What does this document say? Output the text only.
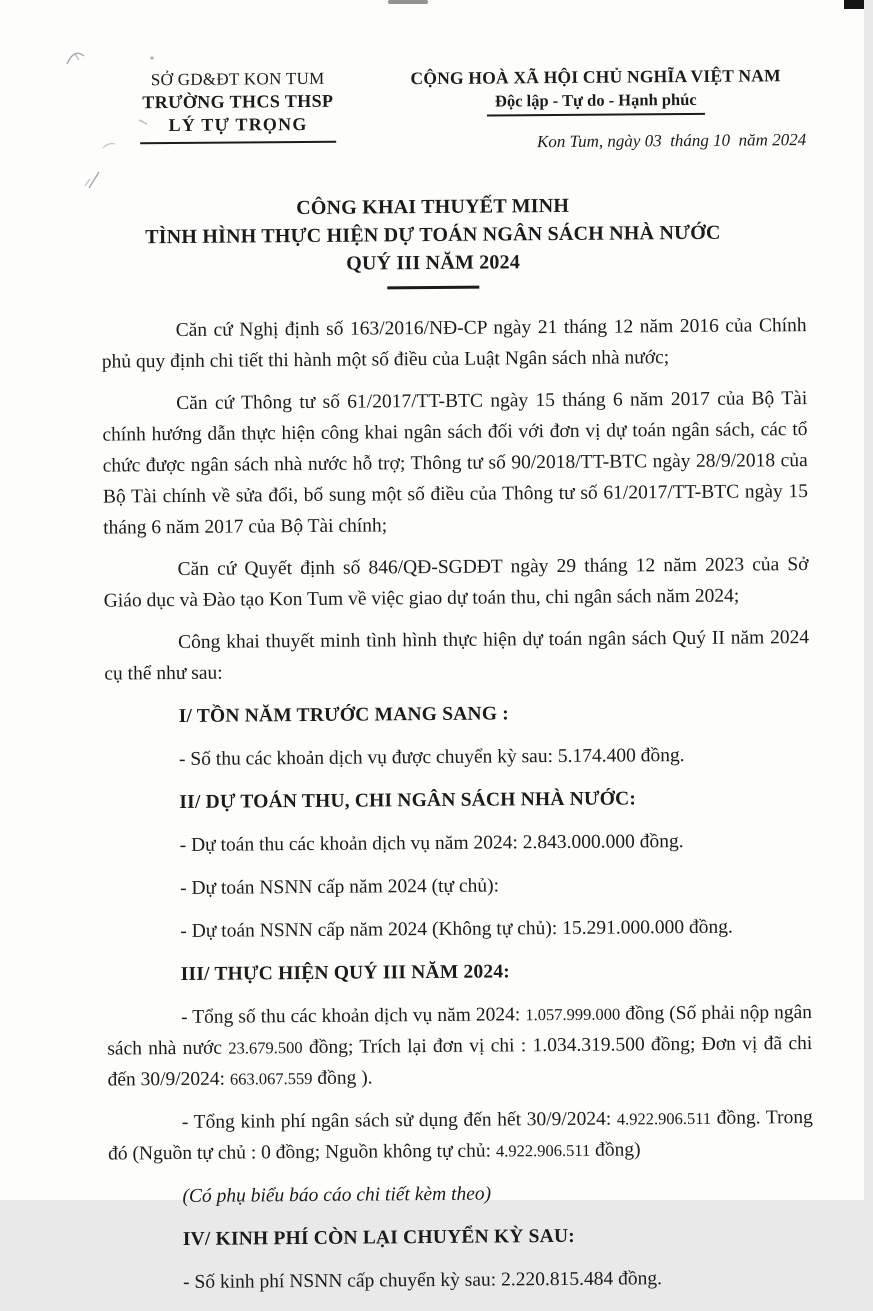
SỞ GD&ĐT KON TUM
TRƯỜNG THCS THSP
LÝ TỰ TRỌNG
CỘNG HOÀ XÃ HỘI CHỦ NGHĨA VIỆT NAM
Độc lập - Tự do - Hạnh phúc
Kon Tum, ngày 03  tháng 10  năm 2024
CÔNG KHAI THUYẾT MINH
TÌNH HÌNH THỰC HIỆN DỰ TOÁN NGÂN SÁCH NHÀ NƯỚC
QUÝ III NĂM 2024

Căn cứ Nghị định số 163/2016/NĐ-CP ngày 21 tháng 12 năm 2016 của Chính phủ quy định chi tiết thi hành một số điều của Luật Ngân sách nhà nước;

Căn cứ Thông tư số 61/2017/TT-BTC ngày 15 tháng 6 năm 2017 của Bộ Tài chính hướng dẫn thực hiện công khai ngân sách đối với đơn vị dự toán ngân sách, các tổ chức được ngân sách nhà nước hỗ trợ; Thông tư số 90/2018/TT-BTC ngày 28/9/2018 của Bộ Tài chính về sửa đổi, bổ sung một số điều của Thông tư số 61/2017/TT-BTC ngày 15 tháng 6 năm 2017 của Bộ Tài chính;

Căn cứ Quyết định số 846/QĐ-SGDĐT ngày 29 tháng 12 năm 2023 của Sở Giáo dục và Đào tạo Kon Tum về việc giao dự toán thu, chi ngân sách năm 2024;

Công khai thuyết minh tình hình thực hiện dự toán ngân sách Quý II năm 2024 cụ thể như sau:

I/ TỒN NĂM TRƯỚC MANG SANG :

- Số thu các khoản dịch vụ được chuyển kỳ sau: 5.174.400 đồng.

II/ DỰ TOÁN THU, CHI NGÂN SÁCH NHÀ NƯỚC:

- Dự toán thu các khoản dịch vụ năm 2024: 2.843.000.000 đồng.

- Dự toán NSNN cấp năm 2024 (tự chủ):

- Dự toán NSNN cấp năm 2024 (Không tự chủ): 15.291.000.000 đồng.

III/ THỰC HIỆN QUÝ III NĂM 2024:

- Tổng số thu các khoản dịch vụ năm 2024: 1.057.999.000 đồng (Số phải nộp ngân sách nhà nước 23.679.500 đồng; Trích lại đơn vị chi : 1.034.319.500 đồng; Đơn vị đã chi đến 30/9/2024: 663.067.559 đồng ).

- Tổng kinh phí ngân sách sử dụng đến hết 30/9/2024: 4.922.906.511 đồng. Trong đó (Nguồn tự chủ : 0 đồng; Nguồn không tự chủ: 4.922.906.511 đồng)

(Có phụ biểu báo cáo chi tiết kèm theo)

IV/ KINH PHÍ CÒN LẠI CHUYỂN KỲ SAU:

- Số kinh phí NSNN cấp chuyển kỳ sau: 2.220.815.484 đồng.
